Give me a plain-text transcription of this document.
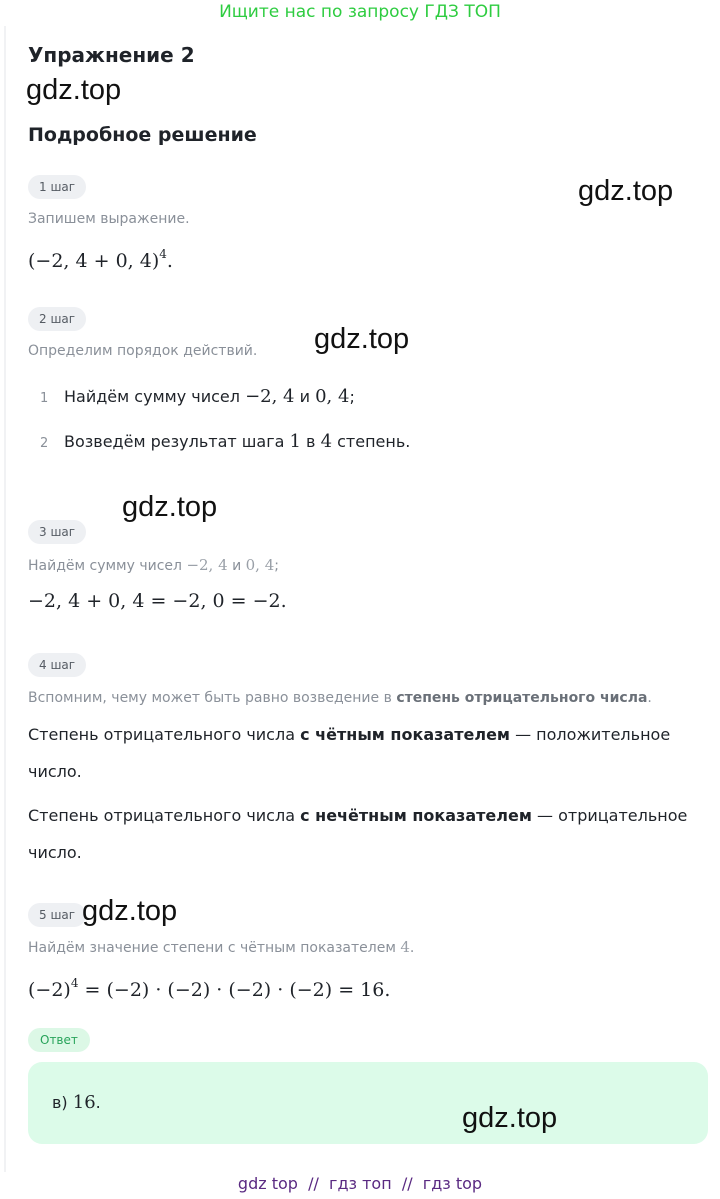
Ищите нас по запросу ГДЗ ТОП
Упражнение 2
gdz.top
Подробное решение
1 шаг	gdz.top
Запишем выражение.
(−2, 4 + 0, 4)$^4$.
2 шаг
Определим порядок действий. gdz.top
1 Найдём сумму чисел −2, 4 и 0, 4;
2 Возведём результат шага 1 в 4 степень.
gdz.top
3 шаг
Найдём сумму чисел −2, 4 и 0, 4;
−2, 4 + 0, 4 = −2, 0 = −2.
4 шаг
Вспомним, чему может быть равно возведение в степень отрицательного числа.
Степень отрицательного числа с чётным показателем — положительное число.
Степень отрицательного числа с нечётным показателем — отрицательное число.
5 шаг gdz.top
Найдём значение степени с чётным показателем 4.
$(-2)^4 = (-2) \cdot (-2) \cdot (-2) \cdot (-2) = 16$.
Ответ
в) 16.	gdz.top
gdz top  //  гдз топ  //  гдз top
